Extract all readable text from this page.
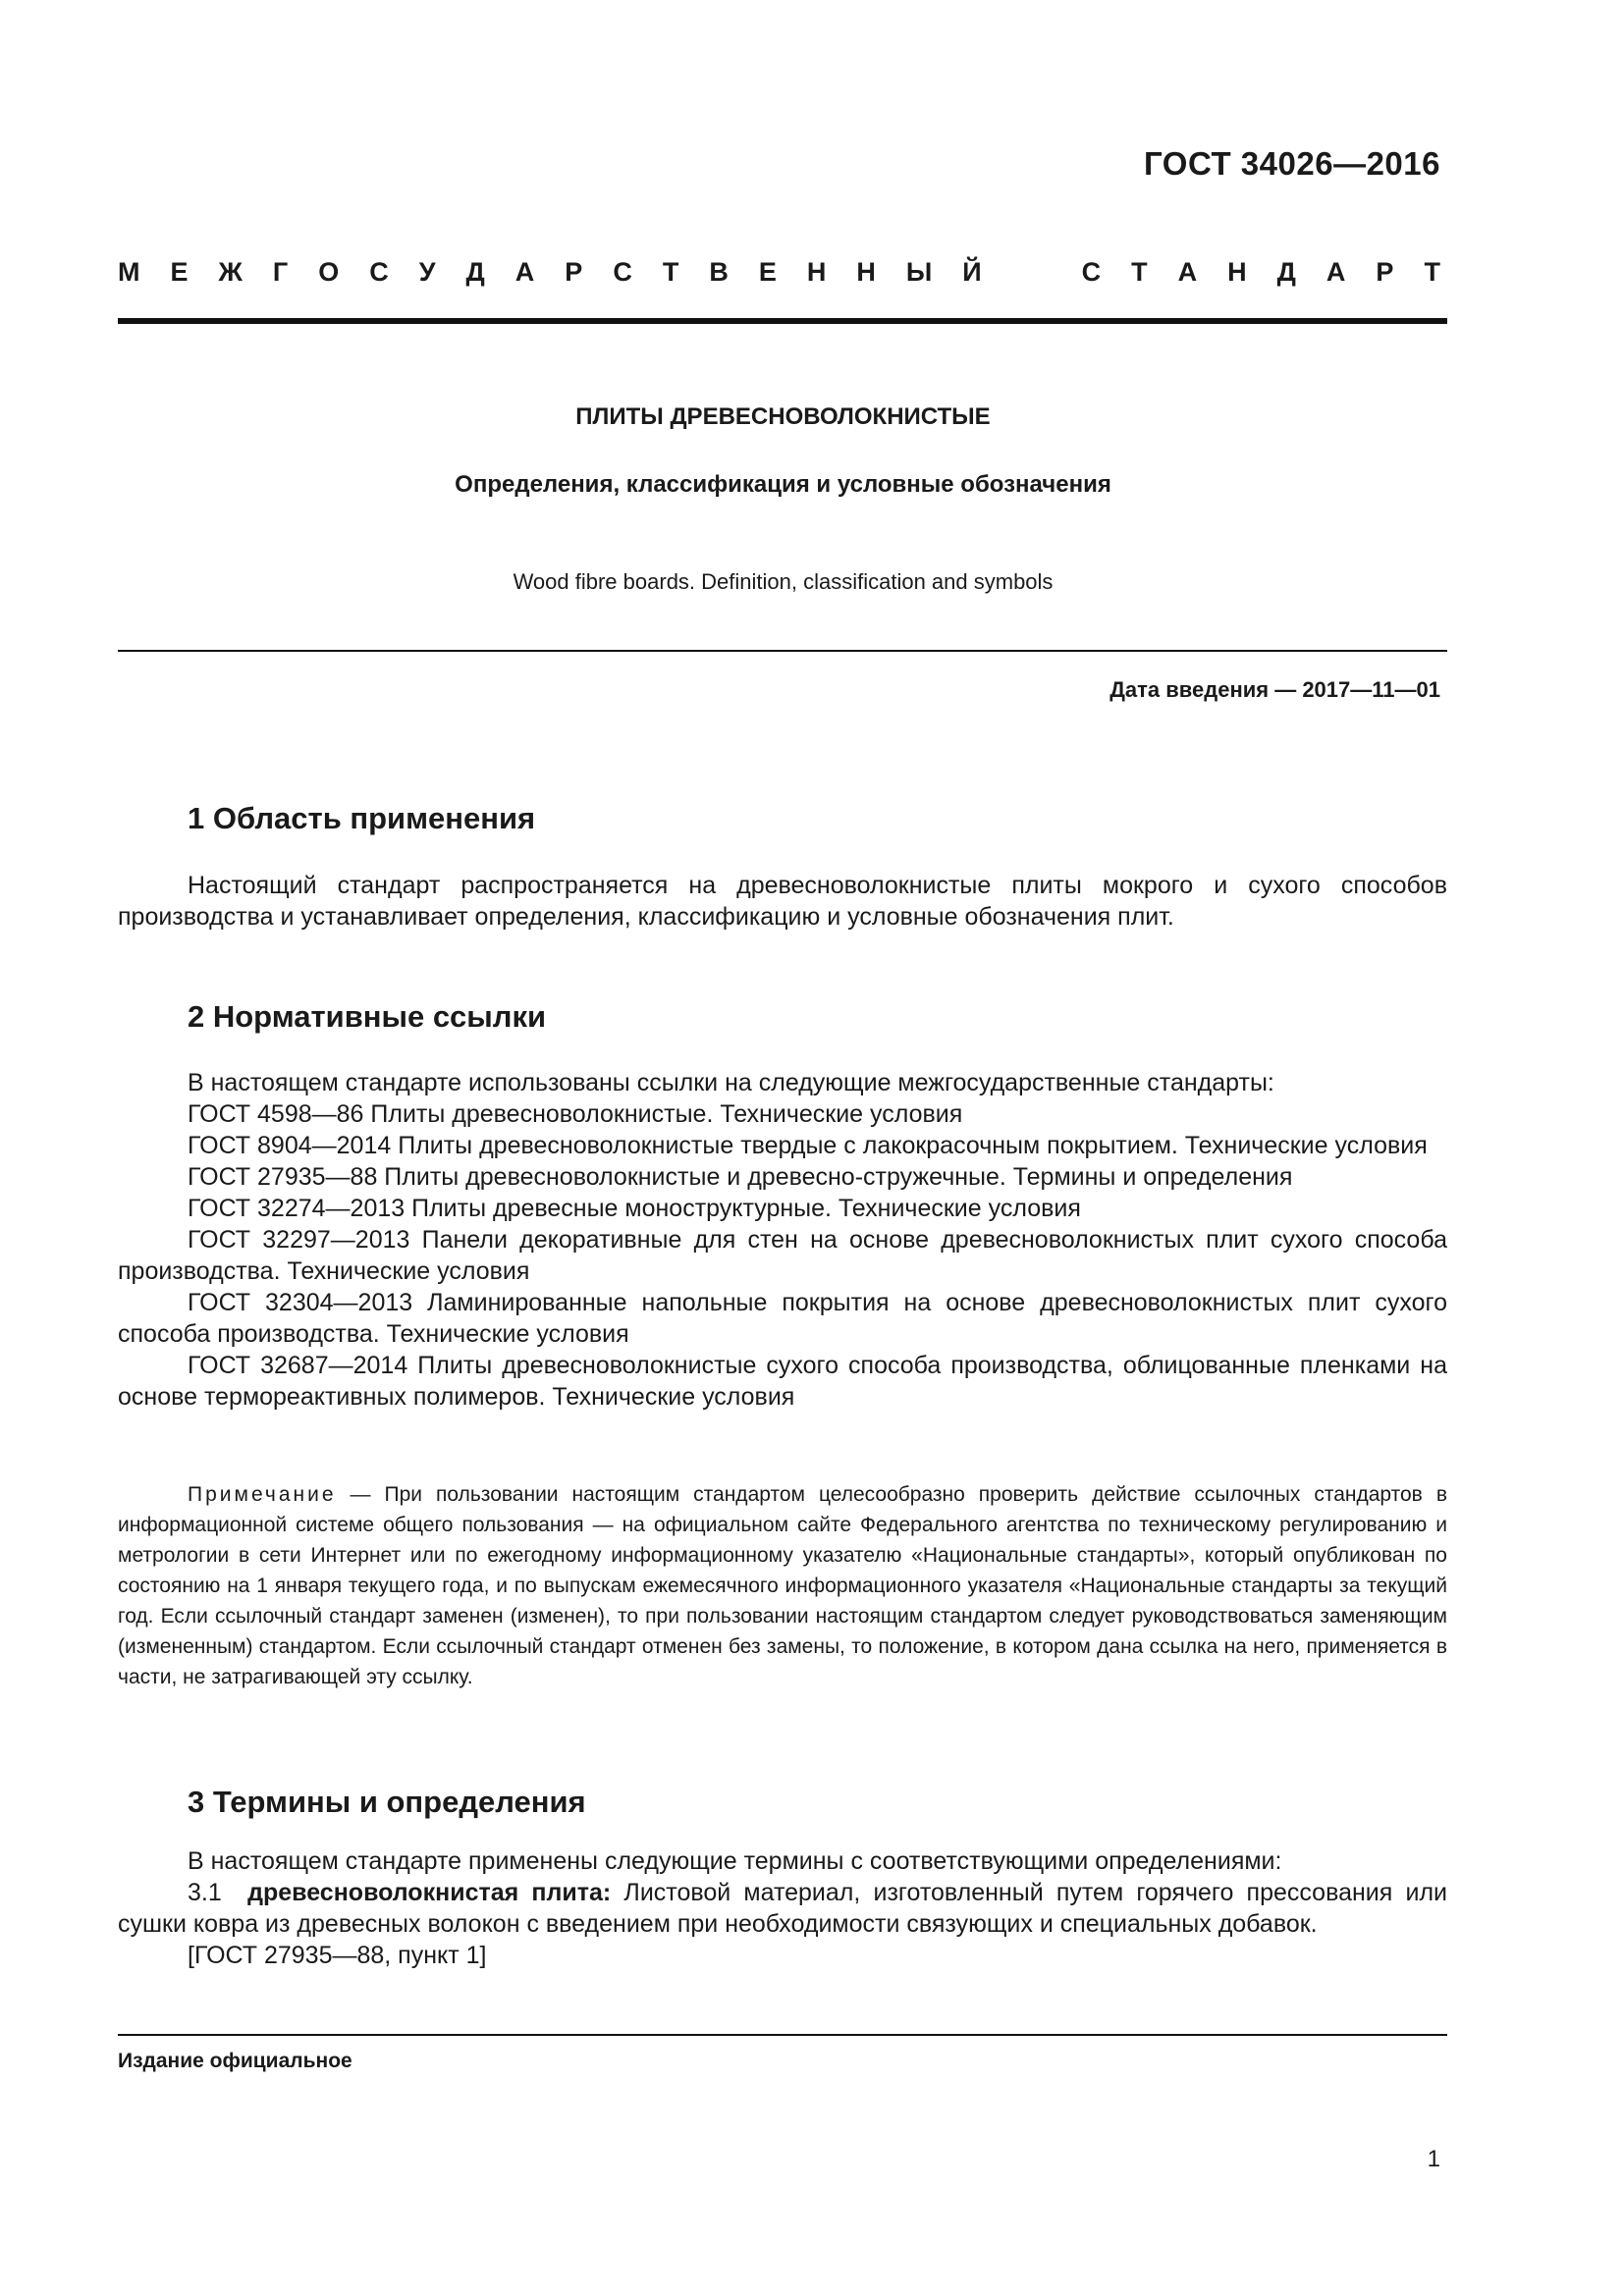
ГОСТ 34026—2016
М Е Ж Г О С У Д А Р С Т В Е Н Н Ы Й	С Т А Н Д А Р Т
ПЛИТЫ ДРЕВЕСНОВОЛОКНИСТЫЕ
Определения, классификация и условные обозначения
Wood fibre boards. Definition, classification and symbols
Дата введения — 2017—11—01
1 Область применения

Настоящий стандарт распространяется на древесноволокнистые плиты мокрого и сухого способов производства и устанавливает определения, классификацию и условные обозначения плит.

2 Нормативные ссылки

В настоящем стандарте использованы ссылки на следующие межгосударственные стандарты:

ГОСТ 4598—86 Плиты древесноволокнистые. Технические условия

ГОСТ 8904—2014 Плиты древесноволокнистые твердые с лакокрасочным покрытием. Технические условия

ГОСТ 27935—88 Плиты древесноволокнистые и древесно-стружечные. Термины и определения

ГОСТ 32274—2013 Плиты древесные моноструктурные. Технические условия

ГОСТ 32297—2013 Панели декоративные для стен на основе древесноволокнистых плит сухого способа производства. Технические условия

ГОСТ 32304—2013 Ламинированные напольные покрытия на основе древесноволокнистых плит сухого способа производства. Технические условия

ГОСТ 32687—2014 Плиты древесноволокнистые сухого способа производства, облицованные пленками на основе термореактивных полимеров. Технические условия

Примечание — При пользовании настоящим стандартом целесообразно проверить действие ссылочных стандартов в информационной системе общего пользования — на официальном сайте Федерального агентства по техническому регулированию и метрологии в сети Интернет или по ежегодному информационному указателю «Национальные стандарты», который опубликован по состоянию на 1 января текущего года, и по выпускам ежемесячного информационного указателя «Национальные стандарты за текущий год. Если ссылочный стандарт заменен (изменен), то при пользовании настоящим стандартом следует руководствоваться заменяющим (измененным) стандартом. Если ссылочный стандарт отменен без замены, то положение, в котором дана ссылка на него, применяется в части, не затрагивающей эту ссылку.
3 Термины и определения

В настоящем стандарте применены следующие термины с соответствующими определениями:

3.1 древесноволокнистая плита: Листовой материал, изготовленный путем горячего прессования или сушки ковра из древесных волокон с введением при необходимости связующих и специальных добавок.

[ГОСТ 27935—88, пункт 1]

Издание официальное
1
